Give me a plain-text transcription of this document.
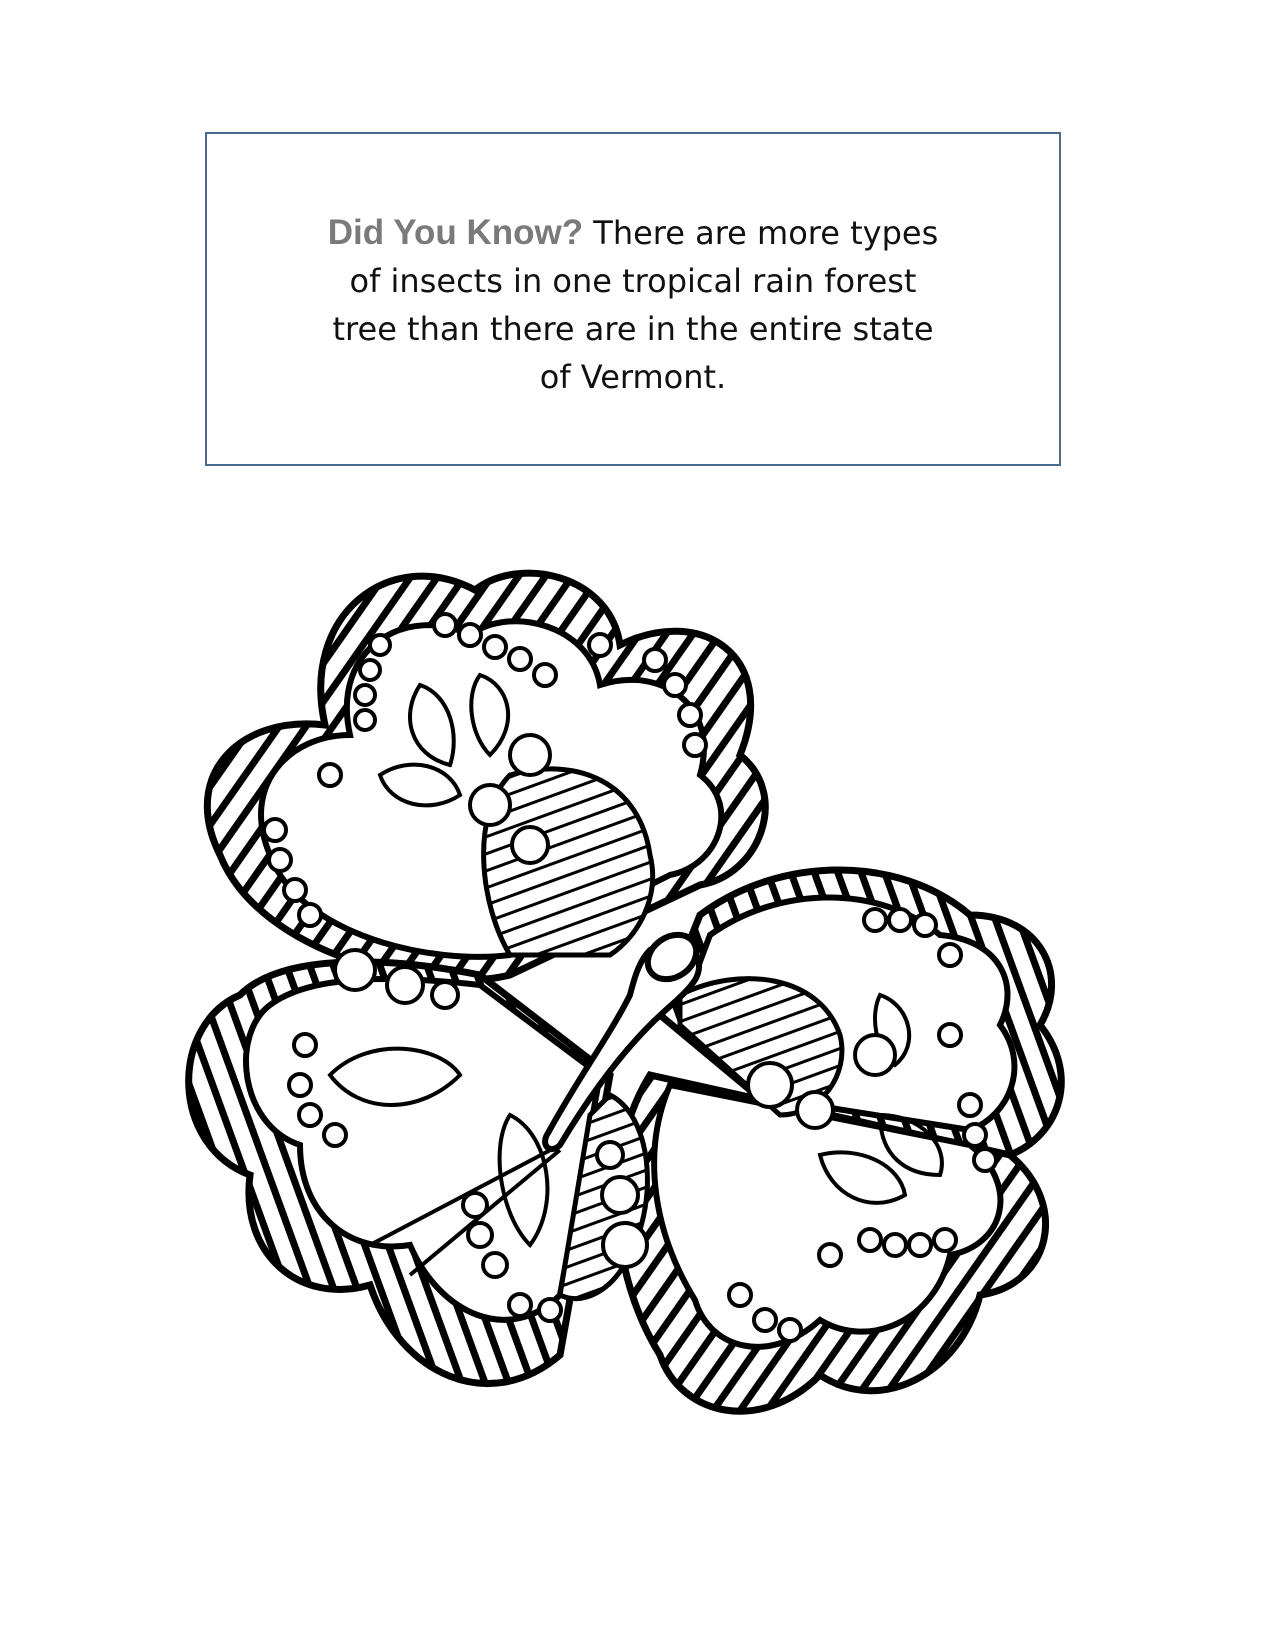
Did You Know? There are more types of insects in one tropical rain forest tree than there are in the entire state of Vermont.
